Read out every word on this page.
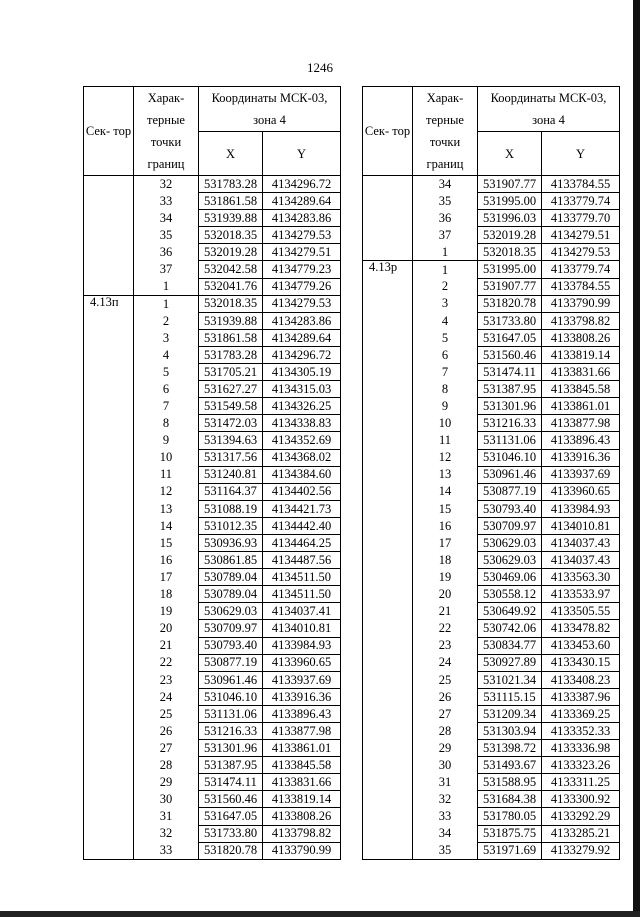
1246
Сек- тор	Харак- терные точки границ	Координаты МСК-03, зона 4	
		X	Y
	32	531783.28	4134296.72
	33	531861.58	4134289.64
	34	531939.88	4134283.86
	35	532018.35	4134279.53
	36	532019.28	4134279.51
	37	532042.58	4134779.23
	1	532041.76	4134779.26
4.13п	1	532018.35	4134279.53
	2	531939.88	4134283.86
	3	531861.58	4134289.64
	4	531783.28	4134296.72
	5	531705.21	4134305.19
	6	531627.27	4134315.03
	7	531549.58	4134326.25
	8	531472.03	4134338.83
	9	531394.63	4134352.69
	10	531317.56	4134368.02
	11	531240.81	4134384.60
	12	531164.37	4134402.56
	13	531088.19	4134421.73
	14	531012.35	4134442.40
	15	530936.93	4134464.25
	16	530861.85	4134487.56
	17	530789.04	4134511.50
	18	530789.04	4134511.50
	19	530629.03	4134037.41
	20	530709.97	4134010.81
	21	530793.40	4133984.93
	22	530877.19	4133960.65
	23	530961.46	4133937.69
	24	531046.10	4133916.36
	25	531131.06	4133896.43
	26	531216.33	4133877.98
	27	531301.96	4133861.01
	28	531387.95	4133845.58
	29	531474.11	4133831.66
	30	531560.46	4133819.14
	31	531647.05	4133808.26
	32	531733.80	4133798.82
	33	531820.78	4133790.99
Сек- тор	Харак- терные точки границ	Координаты МСК-03, зона 4	
		X	Y
	34	531907.77	4133784.55
	35	531995.00	4133779.74
	36	531996.03	4133779.70
	37	532019.28	4134279.51
	1	532018.35	4134279.53
4.13р	1	531995.00	4133779.74
	2	531907.77	4133784.55
	3	531820.78	4133790.99
	4	531733.80	4133798.82
	5	531647.05	4133808.26
	6	531560.46	4133819.14
	7	531474.11	4133831.66
	8	531387.95	4133845.58
	9	531301.96	4133861.01
	10	531216.33	4133877.98
	11	531131.06	4133896.43
	12	531046.10	4133916.36
	13	530961.46	4133937.69
	14	530877.19	4133960.65
	15	530793.40	4133984.93
	16	530709.97	4134010.81
	17	530629.03	4134037.43
	18	530629.03	4134037.43
	19	530469.06	4133563.30
	20	530558.12	4133533.97
	21	530649.92	4133505.55
	22	530742.06	4133478.82
	23	530834.77	4133453.60
	24	530927.89	4133430.15
	25	531021.34	4133408.23
	26	531115.15	4133387.96
	27	531209.34	4133369.25
	28	531303.94	4133352.33
	29	531398.72	4133336.98
	30	531493.67	4133323.26
	31	531588.95	4133311.25
	32	531684.38	4133300.92
	33	531780.05	4133292.29
	34	531875.75	4133285.21
	35	531971.69	4133279.92
